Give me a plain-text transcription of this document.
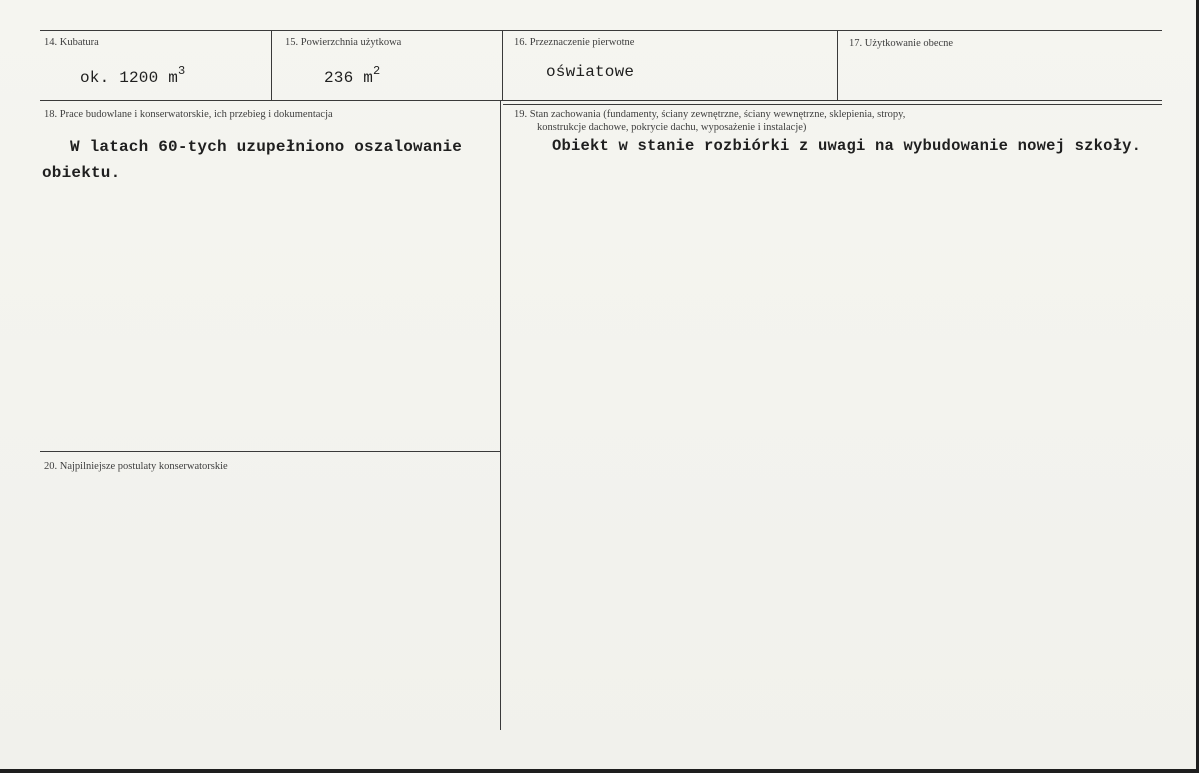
14. Kubatura
ok. 1200 $m^3$
15. Powierzchnia użytkowa
236 $m^2$
16. Przeznaczenie pierwotne
oświatowe
17. Użytkowanie obecne
18. Prace budowlane i konserwatorskie, ich przebieg i dokumentacja
W latach 60-tych uzupełniono oszalowanie
obiektu.
19. Stan zachowania (fundamenty, ściany zewnętrzne, ściany wewnętrzne, sklepienia, stropy,
konstrukcje dachowe, pokrycie dachu, wyposażenie i instalacje)
Obiekt w stanie rozbiórki z uwagi na wybudowanie nowej szkoły.
20. Najpilniejsze postulaty konserwatorskie
